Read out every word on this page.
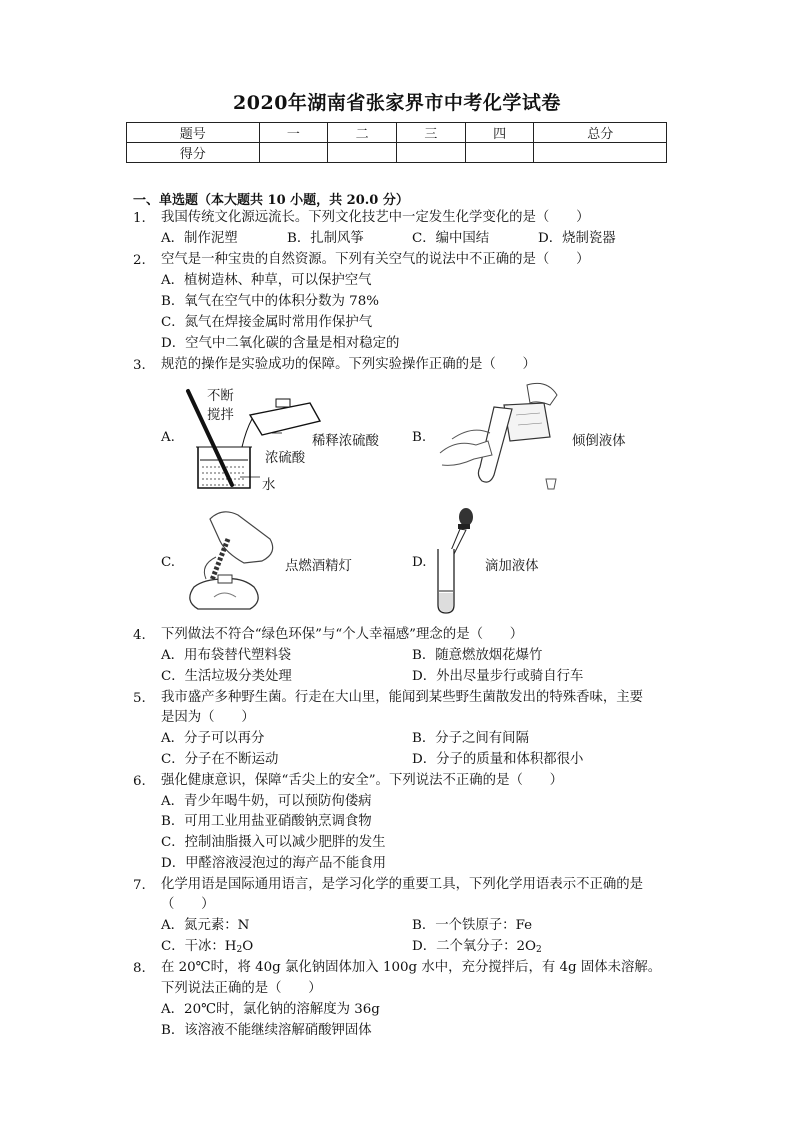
2020年湖南省张家界市中考化学试卷
题号	一	二	三	四	总分
得分					
一、单选题（本大题共 10 小题，共 20.0 分）
1. 我国传统文化源远流长。下列文化技艺中一定发生化学变化的是（　　）
A．制作泥塑	B．扎制风筝	C．编中国结	D．烧制瓷器
2. 空气是一种宝贵的自然资源。下列有关空气的说法中不正确的是（　　）
A．植树造林、种草，可以保护空气
B．氧气在空气中的体积分数为 78%
C．氮气在焊接金属时常用作保护气
D．空气中二氧化碳的含量是相对稳定的
3. 规范的操作是实验成功的保障。下列实验操作正确的是（　　）
A.
不断
搅拌
稀释浓硫酸
浓硫酸
水
B.	倾倒液体
C.	点燃酒精灯	D.	滴加液体
4. 下列做法不符合“绿色环保”与“个人幸福感”理念的是（　　）
A．用布袋替代塑料袋	B．随意燃放烟花爆竹
C．生活垃圾分类处理	D．外出尽量步行或骑自行车
5. 我市盛产多种野生菌。行走在大山里，能闻到某些野生菌散发出的特殊香味，主要
是因为（　　）
A．分子可以再分	B．分子之间有间隔
C．分子在不断运动	D．分子的质量和体积都很小
6. 强化健康意识，保障“舌尖上的安全”。下列说法不正确的是（　　）
A．青少年喝牛奶，可以预防佝偻病
B．可用工业用盐亚硝酸钠烹调食物
C．控制油脂摄入可以减少肥胖的发生
D．甲醛溶液浸泡过的海产品不能食用
7. 化学用语是国际通用语言，是学习化学的重要工具，下列化学用语表示不正确的是
（　　）
A．氮元素：N	B．一个铁原子：Fe
C．干冰：$H_2O$	D．二个氧分子：$2O_2$
8. 在 20℃时，将 40g 氯化钠固体加入 100g 水中，充分搅拌后，有 4g 固体未溶解。
下列说法正确的是（　　）
A．20℃时，氯化钠的溶解度为 36g
B．该溶液不能继续溶解硝酸钾固体
